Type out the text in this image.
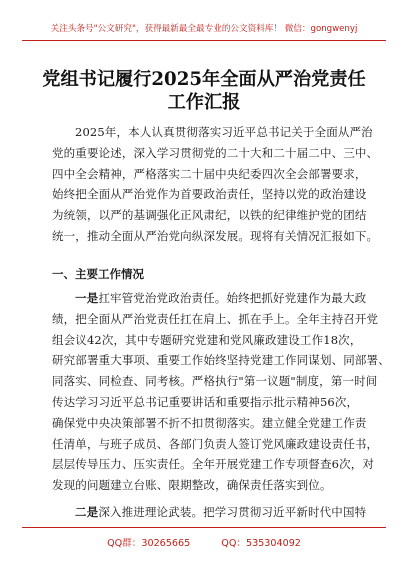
关注头条号"公文研究"，获得最新最全最专业的公文资料库！ 微信：gongwenyj
党组书记履行2025年全面从严治党责任
工作汇报
2025年，本人认真贯彻落实习近平总书记关于全面从严治
党的重要论述，深入学习贯彻党的二十大和二十届二中、三中、
四中全会精神，严格落实二十届中央纪委四次全会部署要求，
始终把全面从严治党作为首要政治责任，坚持以党的政治建设
为统领，以严的基调强化正风肃纪，以铁的纪律维护党的团结
统一，推动全面从严治党向纵深发展。现将有关情况汇报如下。
一、主要工作情况
一是扛牢管党治党政治责任。始终把抓好党建作为最大政
绩，把全面从严治党责任扛在肩上、抓在手上。全年主持召开党
组会议42次，其中专题研究党建和党风廉政建设工作18次，
研究部署重大事项、重要工作始终坚持党建工作同谋划、同部署、
同落实、同检查、同考核。严格执行"第一议题"制度，第一时间
传达学习习近平总书记重要讲话和重要指示批示精神56次，
确保党中央决策部署不折不扣贯彻落实。建立健全党建工作责
任清单，与班子成员、各部门负责人签订党风廉政建设责任书，
层层传导压力、压实责任。全年开展党建工作专项督查6次，对
发现的问题建立台账、限期整改，确保责任落实到位。
二是深入推进理论武装。把学习贯彻习近平新时代中国特
QQ群：30265665	QQ：535304092
